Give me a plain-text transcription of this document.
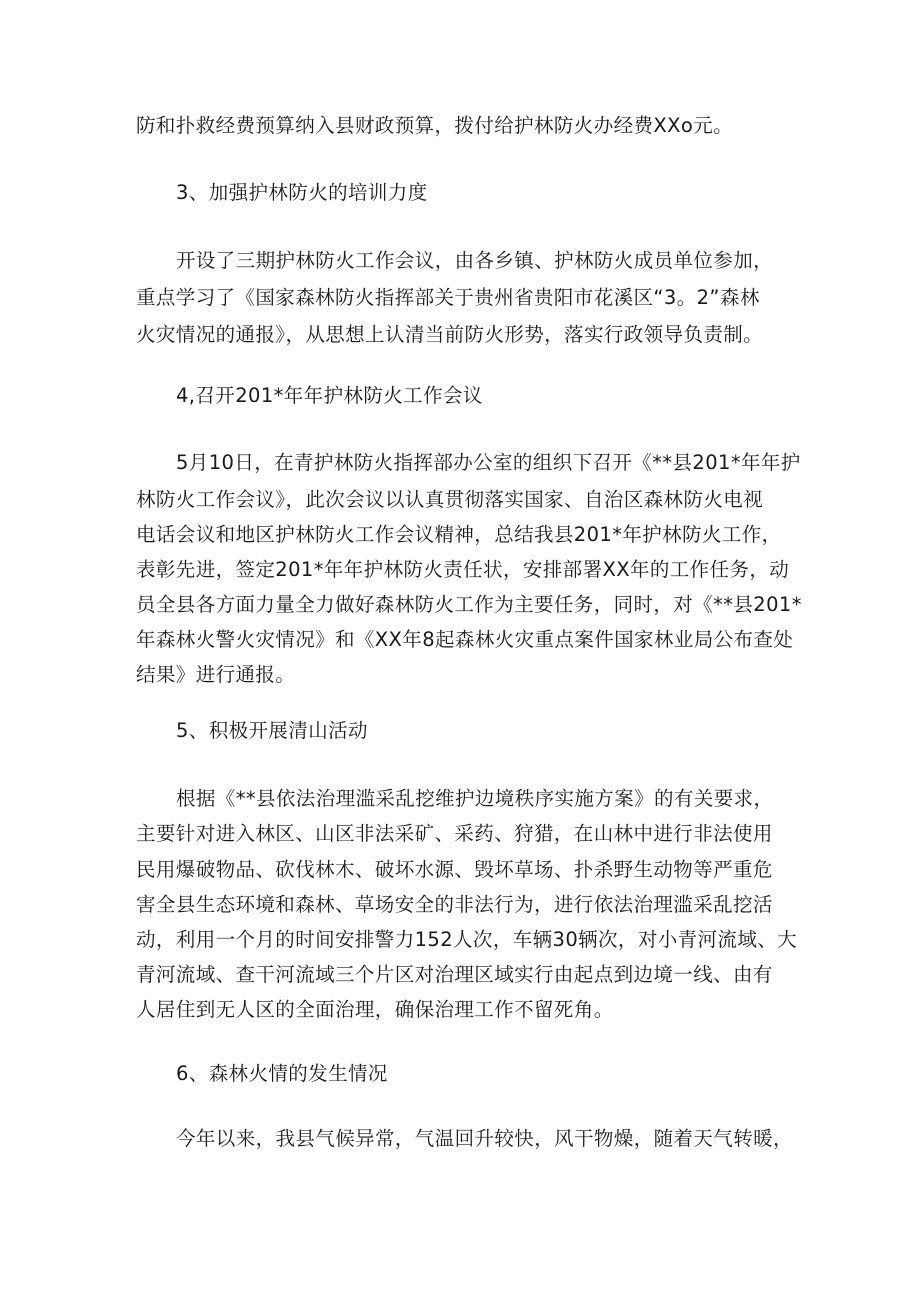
防和扑救经费预算纳入县财政预算，拨付给护林防火办经费XXo元。
3、加强护林防火的培训力度
开设了三期护林防火工作会议，由各乡镇、护林防火成员单位参加，
重点学习了《国家森林防火指挥部关于贵州省贵阳市花溪区“3。2”森林
火灾情况的通报》，从思想上认清当前防火形势，落实行政领导负责制。
4,召开201*年年护林防火工作会议
5月10日，在青护林防火指挥部办公室的组织下召开《**县201*年年护
林防火工作会议》，此次会议以认真贯彻落实国家、自治区森林防火电视
电话会议和地区护林防火工作会议精神，总结我县201*年护林防火工作，
表彰先进，签定201*年年护林防火责任状，安排部署XX年的工作任务，动
员全县各方面力量全力做好森林防火工作为主要任务，同时，对《**县201*
年森林火警火灾情况》和《XX年8起森林火灾重点案件国家林业局公布查处
结果》进行通报。
5、积极开展清山活动
根据《**县依法治理滥采乱挖维护边境秩序实施方案》的有关要求，
主要针对进入林区、山区非法采矿、采药、狩猎，在山林中进行非法使用
民用爆破物品、砍伐林木、破坏水源、毁坏草场、扑杀野生动物等严重危
害全县生态环境和森林、草场安全的非法行为，进行依法治理滥采乱挖活
动，利用一个月的时间安排警力152人次，车辆30辆次，对小青河流域、大
青河流域、查干河流域三个片区对治理区域实行由起点到边境一线、由有
人居住到无人区的全面治理，确保治理工作不留死角。
6、森林火情的发生情况
今年以来，我县气候异常，气温回升较快，风干物燥，随着天气转暖，
